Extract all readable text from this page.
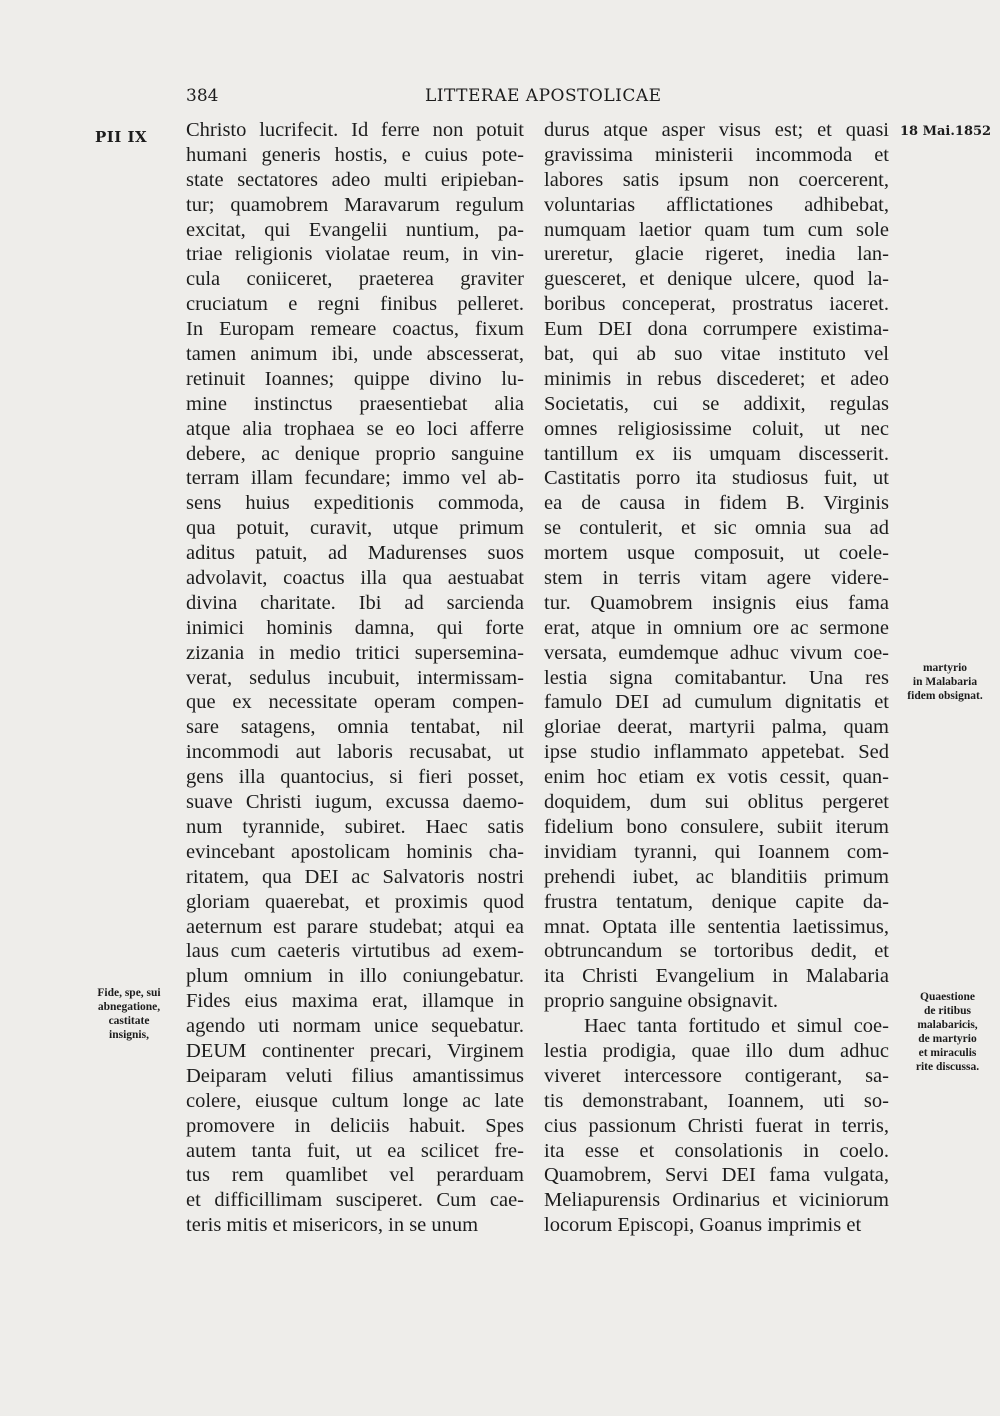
384	LITTERAE APOSTOLICAE
PII IX	18 Mai.1852
Christo lucrifecit. Id ferre non potuit
humani generis hostis, e cuius pote-
state sectatores adeo multi eripieban-
tur; quamobrem Maravarum regulum
excitat, qui Evangelii nuntium, pa-
triae religionis violatae reum, in vin-
cula coniiceret, praeterea graviter
cruciatum e regni finibus pelleret.
In Europam remeare coactus, fixum
tamen animum ibi, unde abscesserat,
retinuit Ioannes; quippe divino lu-
mine instinctus praesentiebat alia
atque alia trophaea se eo loci afferre
debere, ac denique proprio sanguine
terram illam fecundare; immo vel ab-
sens huius expeditionis commoda,
qua potuit, curavit, utque primum
aditus patuit, ad Madurenses suos
advolavit, coactus illa qua aestuabat
divina charitate. Ibi ad sarcienda
inimici hominis damna, qui forte
zizania in medio tritici supersemina-
verat, sedulus incubuit, intermissam-
que ex necessitate operam compen-
sare satagens, omnia tentabat, nil
incommodi aut laboris recusabat, ut
gens illa quantocius, si fieri posset,
suave Christi iugum, excussa daemo-
num tyrannide, subiret. Haec satis
evincebant apostolicam hominis cha-
ritatem, qua DEI ac Salvatoris nostri
gloriam quaerebat, et proximis quod
aeternum est parare studebat; atqui ea
laus cum caeteris virtutibus ad exem-
plum omnium in illo coniungebatur.
Fides eius maxima erat, illamque in
agendo uti normam unice sequebatur.
DEUM continenter precari, Virginem
Deiparam veluti filius amantissimus
colere, eiusque cultum longe ac late
promovere in deliciis habuit. Spes
autem tanta fuit, ut ea scilicet fre-
tus rem quamlibet vel perarduam
et difficillimam susciperet. Cum cae-
teris mitis et misericors, in se unum
durus atque asper visus est; et quasi
gravissima ministerii incommoda et
labores satis ipsum non coercerent,
voluntarias afflictationes adhibebat,
numquam laetior quam tum cum sole
ureretur, glacie rigeret, inedia lan-
guesceret, et denique ulcere, quod la-
boribus conceperat, prostratus iaceret.
Eum DEI dona corrumpere existima-
bat, qui ab suo vitae instituto vel
minimis in rebus discederet; et adeo
Societatis, cui se addixit, regulas
omnes religiosissime coluit, ut nec
tantillum ex iis umquam discesserit.
Castitatis porro ita studiosus fuit, ut
ea de causa in fidem B. Virginis
se contulerit, et sic omnia sua ad
mortem usque composuit, ut coele-
stem in terris vitam agere videre-
tur. Quamobrem insignis eius fama
erat, atque in omnium ore ac sermone
versata, eumdemque adhuc vivum coe-
lestia signa comitabantur. Una res
famulo DEI ad cumulum dignitatis et
gloriae deerat, martyrii palma, quam
ipse studio inflammato appetebat. Sed
enim hoc etiam ex votis cessit, quan-
doquidem, dum sui oblitus pergeret
fidelium bono consulere, subiit iterum
invidiam tyranni, qui Ioannem com-
prehendi iubet, ac blanditiis primum
frustra tentatum, denique capite da-
mnat. Optata ille sententia laetissimus,
obtruncandum se tortoribus dedit, et
ita Christi Evangelium in Malabaria
proprio sanguine obsignavit.
Haec tanta fortitudo et simul coe-
lestia prodigia, quae illo dum adhuc
viveret intercessore contigerant, sa-
tis demonstrabant, Ioannem, uti so-
cius passionum Christi fuerat in terris,
ita esse et consolationis in coelo.
Quamobrem, Servi DEI fama vulgata,
Meliapurensis Ordinarius et viciniorum
locorum Episcopi, Goanus imprimis et
Fide, spe, sui
abnegatione,
castitate
insignis,
martyrio
in Malabaria
fidem obsignat.
Quaestione
de ritibus
malabaricis,
de martyrio
et miraculis
rite discussa.
